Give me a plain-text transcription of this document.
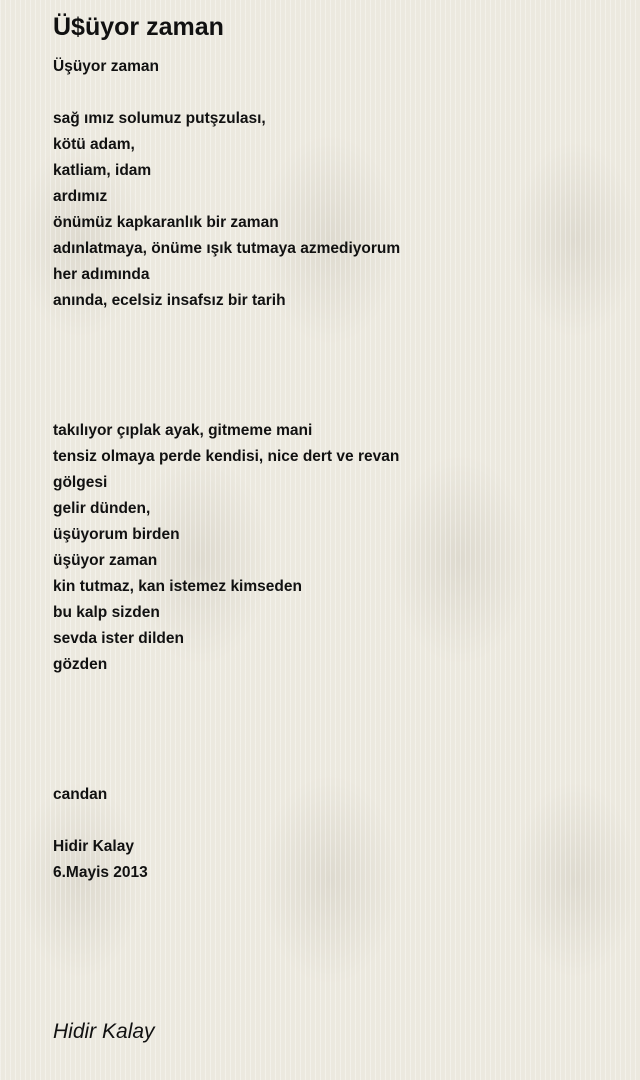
Ü$üyor zaman
Üşüyor zaman
sağ ımız solumuz putşzulası,
kötü adam,
katliam, idam
ardımız
önümüz kapkaranlık bir zaman
adınlatmaya, önüme ışık tutmaya azmediyorum
her adımında
anında, ecelsiz insafsız bir tarih
takılıyor çıplak ayak, gitmeme mani
tensiz olmaya perde kendisi, nice dert ve revan
gölgesi
gelir dünden,
üşüyorum birden
üşüyor zaman
kin tutmaz, kan istemez kimseden
bu kalp sizden
sevda ister dilden
gözden
candan
Hidir Kalay
6.Mayis 2013
Hidir Kalay
